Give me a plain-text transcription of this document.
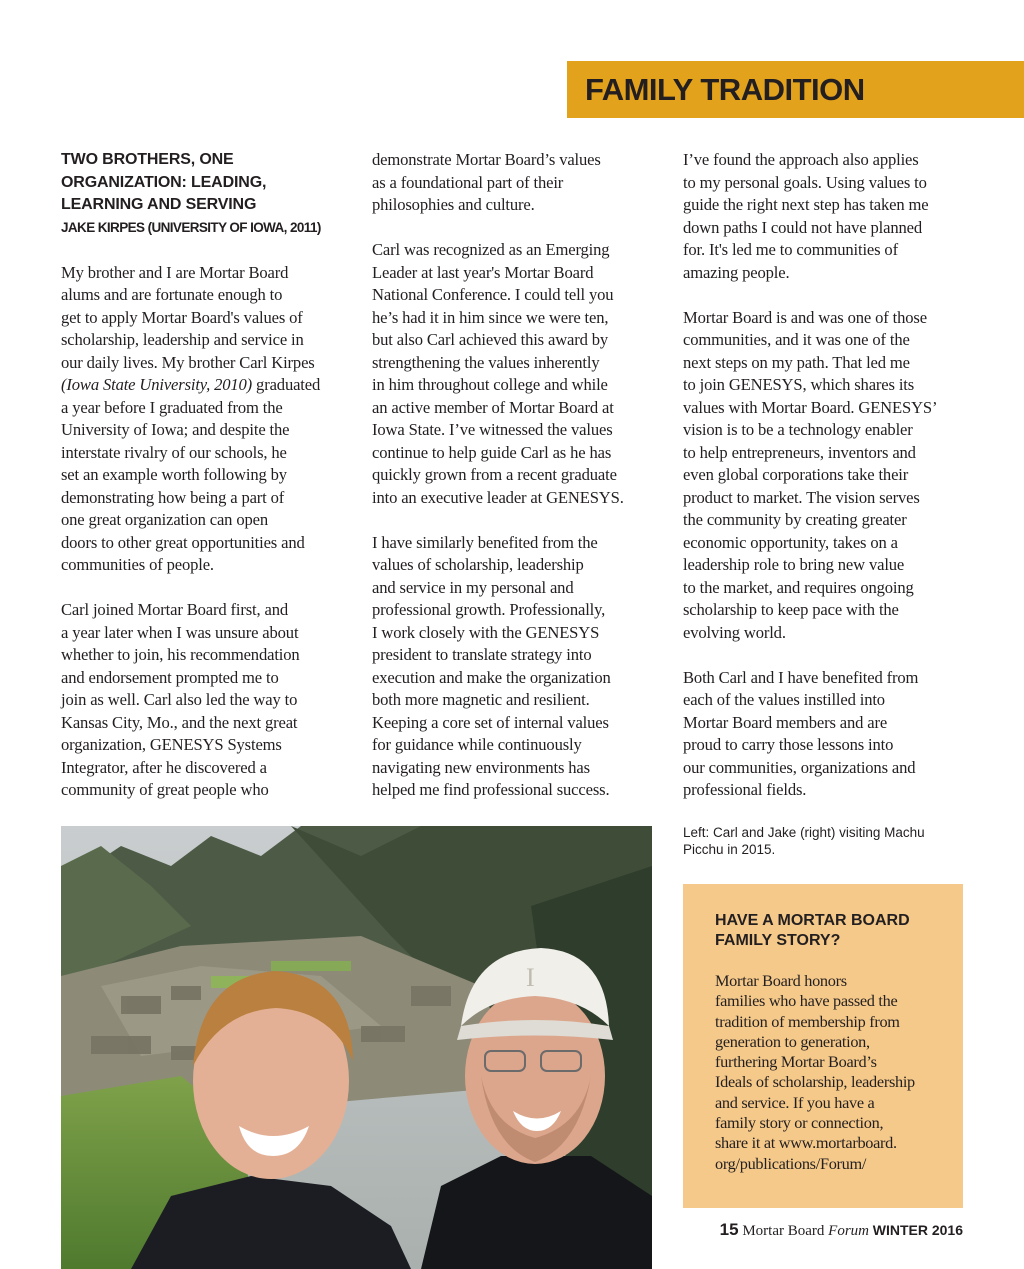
FAMILY TRADITION
TWO BROTHERS, ONE
ORGANIZATION: LEADING,
LEARNING AND SERVING
JAKE KIRPES (UNIVERSITY OF IOWA, 2011)

My brother and I are Mortar Board
alums and are fortunate enough to
get to apply Mortar Board's values of
scholarship, leadership and service in
our daily lives. My brother Carl Kirpes
(Iowa State University, 2010) graduated
a year before I graduated from the
University of Iowa; and despite the
interstate rivalry of our schools, he
set an example worth following by
demonstrating how being a part of
one great organization can open
doors to other great opportunities and
communities of people.

Carl joined Mortar Board first, and
a year later when I was unsure about
whether to join, his recommendation
and endorsement prompted me to
join as well. Carl also led the way to
Kansas City, Mo., and the next great
organization, GENESYS Systems
Integrator, after he discovered a
community of great people who

demonstrate Mortar Board’s values
as a foundational part of their
philosophies and culture.

Carl was recognized as an Emerging
Leader at last year's Mortar Board
National Conference. I could tell you
he’s had it in him since we were ten,
but also Carl achieved this award by
strengthening the values inherently
in him throughout college and while
an active member of Mortar Board at
Iowa State. I’ve witnessed the values
continue to help guide Carl as he has
quickly grown from a recent graduate
into an executive leader at GENESYS.

I have similarly benefited from the
values of scholarship, leadership
and service in my personal and
professional growth. Professionally,
I work closely with the GENESYS
president to translate strategy into
execution and make the organization
both more magnetic and resilient.
Keeping a core set of internal values
for guidance while continuously
navigating new environments has
helped me find professional success.

I’ve found the approach also applies
to my personal goals. Using values to
guide the right next step has taken me
down paths I could not have planned
for. It's led me to communities of
amazing people.

Mortar Board is and was one of those
communities, and it was one of the
next steps on my path. That led me
to join GENESYS, which shares its
values with Mortar Board. GENESYS’
vision is to be a technology enabler
to help entrepreneurs, inventors and
even global corporations take their
product to market. The vision serves
the community by creating greater
economic opportunity, takes on a
leadership role to bring new value
to the market, and requires ongoing
scholarship to keep pace with the
evolving world.

Both Carl and I have benefited from
each of the values instilled into
Mortar Board members and are
proud to carry those lessons into
our communities, organizations and
professional fields.

I
Left: Carl and Jake (right) visiting Machu Picchu in 2015.
HAVE A MORTAR BOARD
FAMILY STORY?
Mortar Board honors
families who have passed the
tradition of membership from
generation to generation,
furthering Mortar Board’s
Ideals of scholarship, leadership
and service. If you have a
family story or connection,
share it at www.mortarboard.
org/publications/Forum/
15 Mortar Board Forum WINTER 2016
